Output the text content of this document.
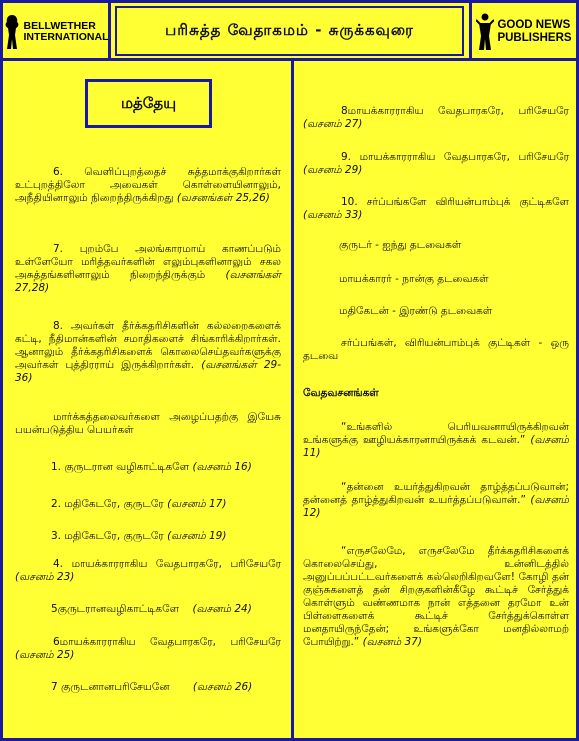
BELLWETHER
INTERNATIONAL	பரிசுத்த வேதாகமம் - சுருக்கவுரை	GOOD NEWS
PUBLISHERS
மத்தேயு
6. வெளிப்புறத்தைச் சுத்தமாக்குகிறார்கள் உட்புறத்திலோ அவைகள் கொள்ளையினாலும், அநீதியினாலும் நிறைந்திருக்கிறது (வசனங்கள் 25,26)
7. புறம்பே அலங்காரமாய் காணப்படும் உள்ளேயோ மரித்தவர்களின் எலும்புகளினாலும் சகல அசுத்தங்களினாலும் நிறைந்திருக்கும் (வசனங்கள் 27,28)
8. அவர்கள் தீர்க்கதரிசிகளின் கல்லறைகளைக் கட்டி, நீதிமான்களின் சமாதிகளைச் சிங்காரிக்கிறார்கள். ஆனாலும் தீர்க்கதரிசிகளைக் கொலைசெய்தவர்களுக்கு அவர்கள் புத்திரராய் இருக்கிறார்கள். (வசனங்கள் 29-36)
மார்க்கத்தலைவர்களை அழைப்பதற்கு இயேசு பயன்படுத்திய பெயர்கள்
1. குருடரான வழிகாட்டிகளே (வசனம் 16)
2. மதிகேடரே, குருடரே (வசனம் 17)
3. மதிகேடரே, குருடரே (வசனம் 19)
4. மாயக்காரராகிய வேதபாரகரே, பரிசேயரே (வசனம் 23)
5குருடரானவழிகாட்டிகளே (வசனம் 24)
6மாயக்காரராகிய வேதபாரகரே, பரிசேயரே (வசனம் 25)
7 குருடனானபரிசேயனே (வசனம் 26)
8மாயக்காரராகிய வேதபாரகரே, பரிசேயரே (வசனம் 27)
9. மாயக்காரராகிய வேதபாரகரே, பரிசேயரே (வசனம் 29)
10. சர்ப்பங்களே விரியன்பாம்புக் குட்டிகளே (வசனம் 33)
குருடர் - ஐந்து தடவைகள்
மாயக்காரர் - நான்கு தடவைகள்
மதிகேடன் - இரண்டு தடவைகள்
சர்ப்பங்கள், விரியன்பாம்புக் குட்டிகள் - ஒரு தடவை
வேதவசனங்கள்
“உங்களில் பெரியவனாயிருக்கிறவன் உங்களுக்கு ஊழியக்காரனாயிருக்கக் கடவன்.” (வசனம் 11)
“தன்னை உயர்த்துகிறவன் தாழ்த்தப்படுவான்; தன்னைத் தாழ்த்துகிறவன் உயர்த்தப்படுவான்.” (வசனம் 12)
“எருசலேமே, எருசலேமே தீர்க்கதரிசிகளைக் கொலைசெய்து, உன்னிடத்தில் அனுப்பப்பட்டவர்களைக் கல்லெறிகிறவளே! கோழி தன் குஞ்சுகளைத் தன் சிறகுகளின்கீழே கூட்டிச் சேர்த்துக் கொள்ளும் வண்ணமாக நான் எத்தனை தரமோ உன் பிள்ளைகளைக் கூட்டிச் சேர்த்துக்கொள்ள மனதாயிருந்தேன்; உங்களுக்கோ மனதில்லாமற் போயிற்று.” (வசனம் 37)
